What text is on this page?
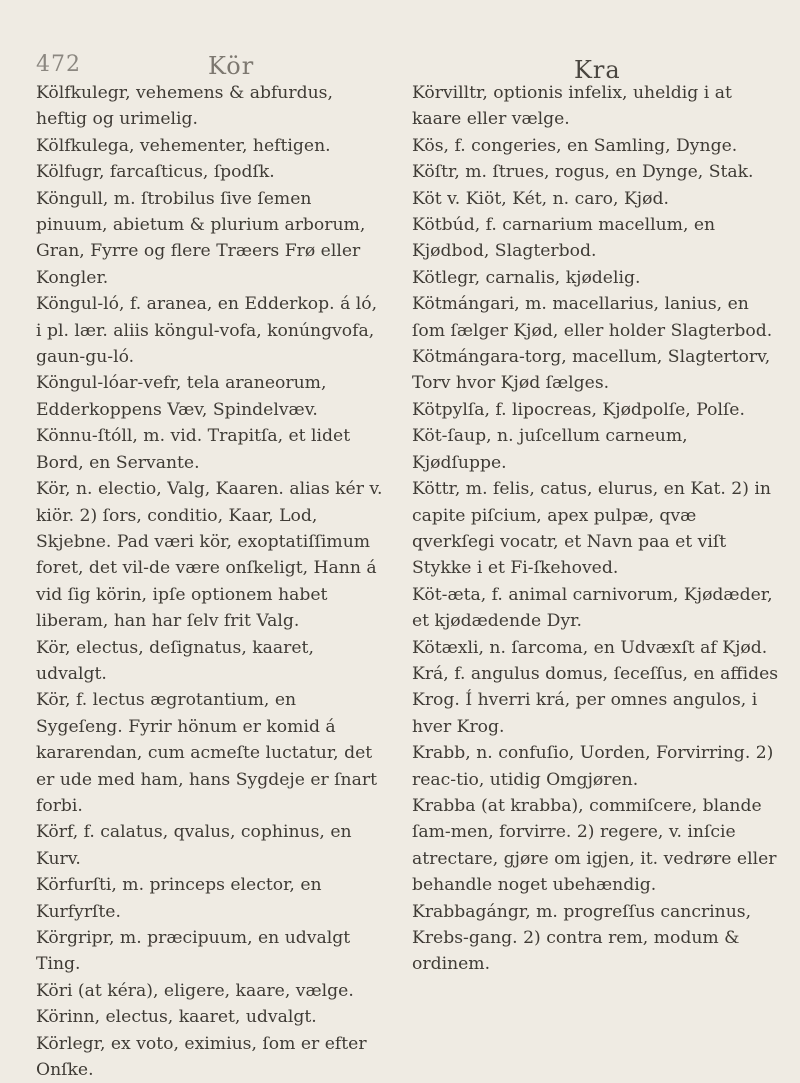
472	Kör	Kra
Kölfkulegr, vehemens & abfurdus, heftig og urimelig.
Kölfkulegа, vehementer, heftigen.
Kölfugr, farcaſticus, ſpodſk.
Köngull, m. ſtrobilus ſive ſemen pinuum, abietum & plurium arborum, Gran, Fyrre og flere Træers Frø eller Kongler.
Köngul-ló, f. aranea, en Edderkop. á ló, i pl. lær. aliis köngul-vofa, konúngvofa, gaun-gu-ló.
Köngul-lóar-vefr, tela araneorum, Edderkoppens Væv, Spindelvæv.
Könnu-ſtóll, m. vid. Trapitſa, et lidet Bord, en Servante.
Kör, n. electio, Valg, Kaaren. alias kér v. kiör. 2) ſors, conditio, Kaar, Lod, Skjebne. Pad væri kör, exoptatiſſimum foret, det vil-de være onſkeligt, Hann á vid ſig körin, ipſe optionem habet liberam, han har ſelv frit Valg.
Kör, electus, deſignatus, kaaret, udvalgt.
Kör, f. lectus ægrotantium, en Sygeſeng. Fyrir hönum er komid á kararendan, cum acmeſte luctatur, det er ude med ham, hans Sygdeje er ſnart forbi.
Körf, f. calatus, qvalus, cophinus, en Kurv.
Körfurſti, m. princeps elector, en Kurfyrſte.
Körgripr, m. præcipuum, en udvalgt Ting.
Köri (at kéra), eligere, kaare, vælge.
Körinn, electus, kaaret, udvalgt.
Körlegr, ex voto, eximius, ſom er efter Onſke.
Körvilltr, optionis infelix, uheldig i at kaare eller vælge.
Kös, f. congeries, en Samling, Dynge.
Köſtr, m. ſtrues, rogus, en Dynge, Stak.
Köt v. Kiöt, Két, n. caro, Kjød.
Kötbúd, f. carnarium macellum, en Kjødbod, Slagterbod.
Kötlegr, carnalis, kjødelig.
Kötmángari, m. macellarius, lanius, en ſom ſælger Kjød, eller holder Slagterbod.
Kötmángara-torg, macellum, Slagtertorv, Torv hvor Kjød ſælges.
Kötpylſa, f. lipocreas, Kjødpolſe, Polſe.
Köt-ſaup, n. juſcellum carneum, Kjødſuppe.
Köttr, m. felis, catus, elurus, en Kat. 2) in capite piſcium, apex pulpæ, qvæ qverkſegi vocatr, et Navn paa et viſt Stykke i et Fi-ſkehoved.
Köt-æta, f. animal carnivorum, Kjødæder, et kjødædende Dyr.
Kötæxli, n. ſarcoma, en Udvæxſt af Kjød.
Krá, f. angulus domus, ſeceſſus, en affides Krog. Í hverri krá, per omnes angulos, i hver Krog.
Krabb, n. confuſio, Uorden, Forvirring. 2) reac-tio, utidig Omgjøren.
Krabba (at krabba), commiſcere, blande ſam-men, forvirre. 2) regere, v. inſcie atrectare, gjøre om igjen, it. vedrøre eller behandle noget ubehændig.
Krabbagángr, m. progreſſus cancrinus, Krebs-gang. 2) contra rem, modum & ordinem.
